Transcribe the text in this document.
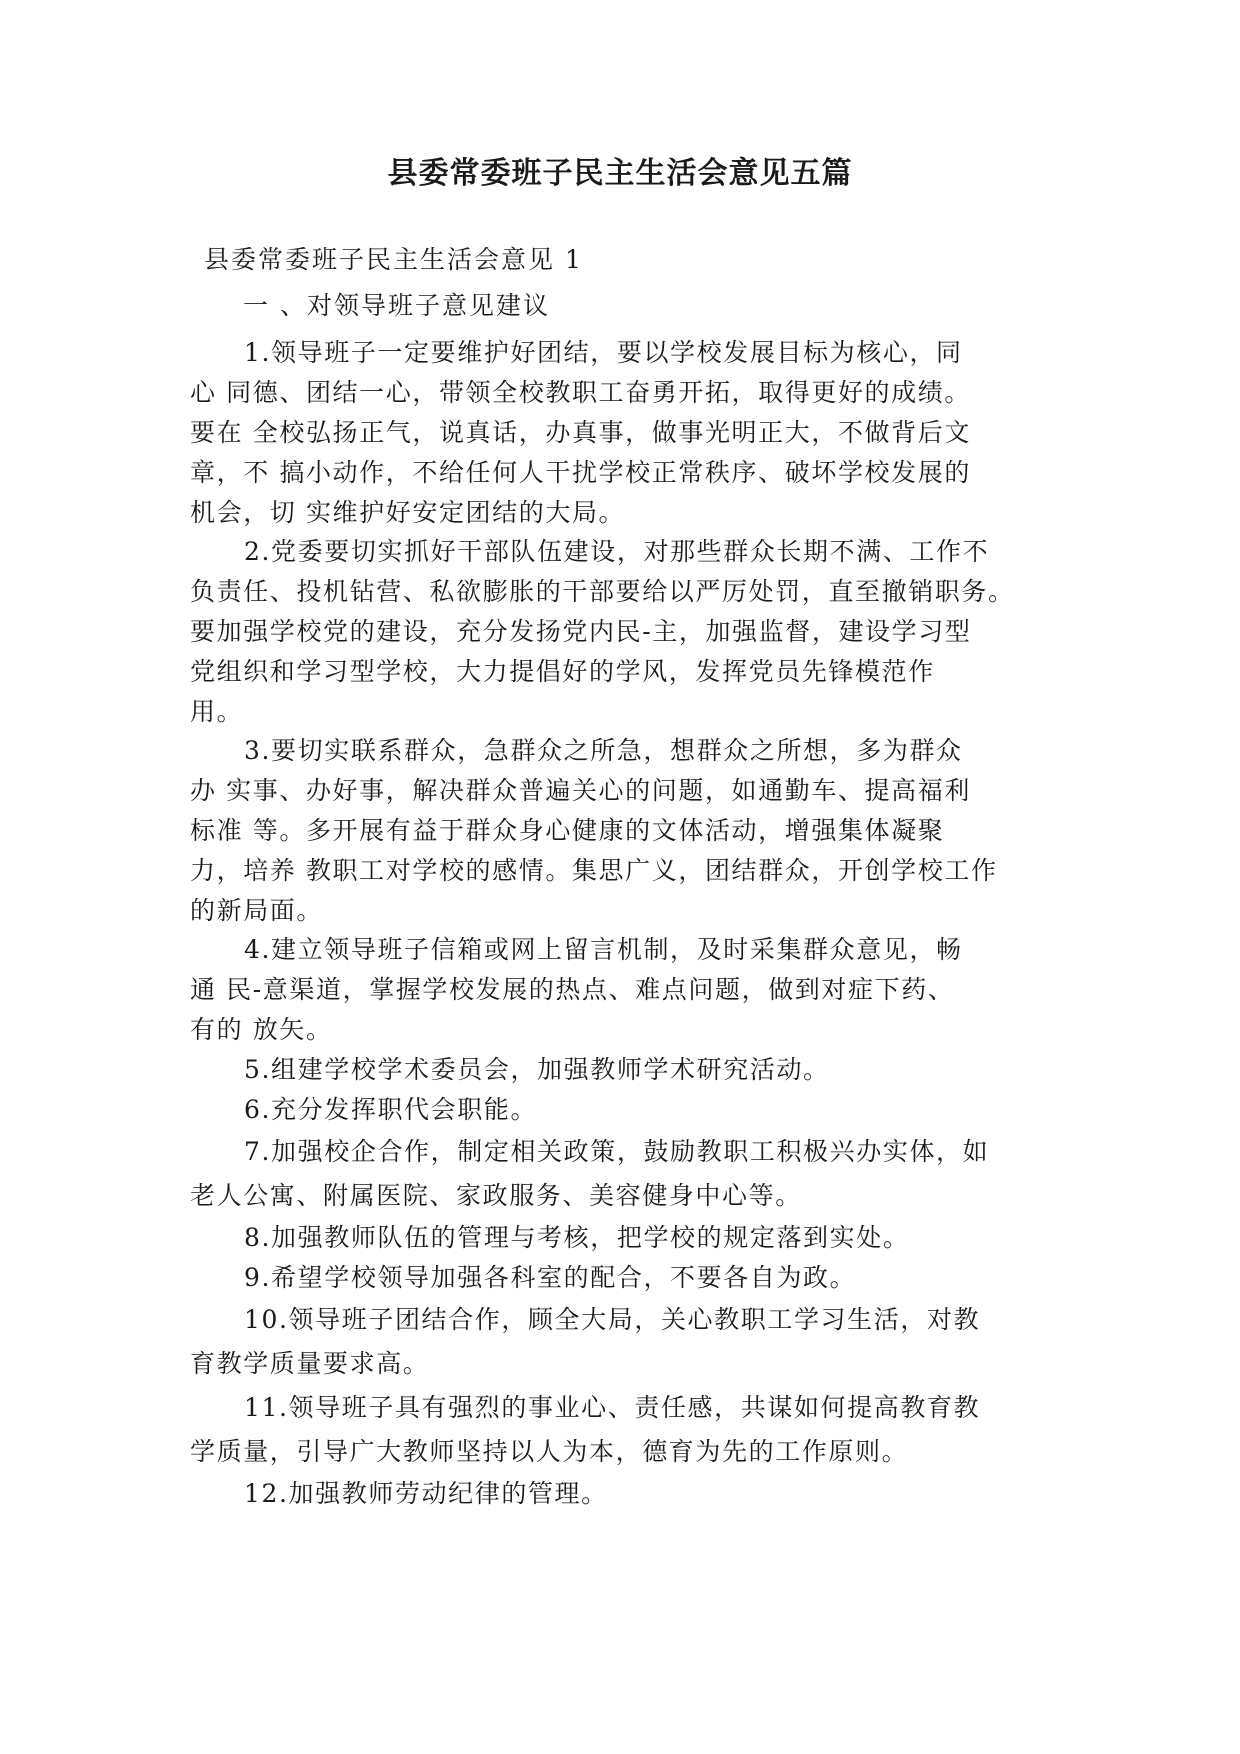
县委常委班子民主生活会意见五篇
县委常委班子民主生活会意见 1
一 、对领导班子意见建议

1.领导班子一定要维护好团结，要以学校发展目标为核心，同
心 同德、团结一心，带领全校教职工奋勇开拓，取得更好的成绩。
要在 全校弘扬正气，说真话，办真事，做事光明正大，不做背后文
章，不 搞小动作，不给任何人干扰学校正常秩序、破坏学校发展的
机会，切 实维护好安定团结的大局。

2.党委要切实抓好干部队伍建设，对那些群众长期不满、工作不
负责任、投机钻营、私欲膨胀的干部要给以严厉处罚，直至撤销职务。
要加强学校党的建设，充分发扬党内民-主，加强监督，建设学习型
党组织和学习型学校，大力提倡好的学风，发挥党员先锋模范作
用。

3.要切实联系群众，急群众之所急，想群众之所想，多为群众
办 实事、办好事，解决群众普遍关心的问题，如通勤车、提高福利
标准 等。多开展有益于群众身心健康的文体活动，增强集体凝聚
力，培养 教职工对学校的感情。集思广义，团结群众，开创学校工作
的新局面。

4.建立领导班子信箱或网上留言机制，及时采集群众意见，畅
通 民-意渠道，掌握学校发展的热点、难点问题，做到对症下药、
有的 放矢。

5.组建学校学术委员会，加强教师学术研究活动。

6.充分发挥职代会职能。

7.加强校企合作，制定相关政策，鼓励教职工积极兴办实体，如
老人公寓、附属医院、家政服务、美容健身中心等。

8.加强教师队伍的管理与考核，把学校的规定落到实处。

9.希望学校领导加强各科室的配合，不要各自为政。

10.领导班子团结合作，顾全大局，关心教职工学习生活，对教
育教学质量要求高。

11.领导班子具有强烈的事业心、责任感，共谋如何提高教育教
学质量，引导广大教师坚持以人为本，德育为先的工作原则。

12.加强教师劳动纪律的管理。
